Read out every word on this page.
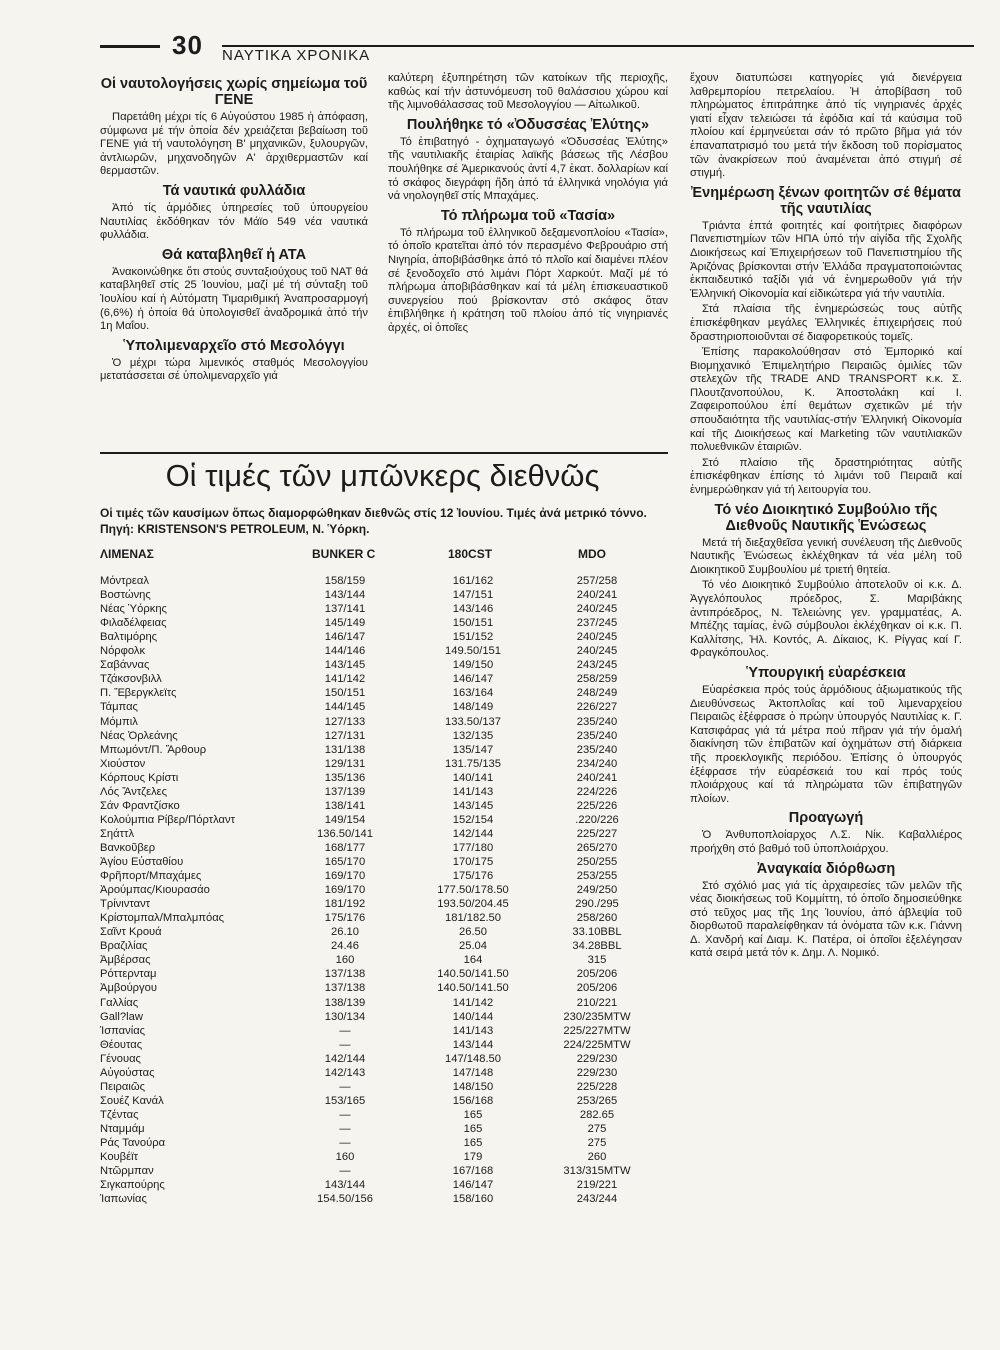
30 ΝΑΥΤΙΚΑ ΧΡΟΝΙΚΑ
Οἱ ναυτολογήσεις χωρίς σημείωμα τοῦ ΓΕΝΕ

Παρετάθη μέχρι τίς 6 Αὐγούστου 1985 ἡ ἀπόφαση, σύμφωνα μέ τήν ὁποία δέν χρειάζεται βεβαίωση τοῦ ΓΕΝΕ γιά τή ναυτολόγηση Β' μηχανικῶν, ξυλουργῶν, ἀντλιωρῶν, μηχανοδηγῶν Α' ἀρχιθερμαστῶν καί θερμαστῶν.

Τά ναυτικά φυλλάδια

Ἀπό τίς ἁρμόδιες ὑπηρεσίες τοῦ ὑπουργείου Ναυτιλίας ἐκδόθηκαν τόν Μάϊο 549 νέα ναυτικά φυλλάδια.

Θά καταβληθεῖ ἡ ΑΤΑ

Ἀνακοινώθηκε ὅτι στούς συνταξιούχους τοῦ ΝΑΤ θά καταβληθεῖ στίς 25 Ἰουνίου, μαζί μέ τή σύνταξη τοῦ Ἰουλίου καί ἡ Αὐτόματη Τιμαριθμική Ἀναπροσαρμογή (6,6%) ἡ ὁποία θά ὑπολογισθεῖ ἀναδρομικά ἀπό τήν 1η Μαΐου.

Ὑπολιμεναρχεῖο στό Μεσολόγγι

Ὁ μέχρι τώρα λιμενικός σταθμός Μεσολογγίου μετατάσσεται σέ ὑπολιμεναρχεῖο γιά

καλύτερη ἐξυπηρέτηση τῶν κατοίκων τῆς περιοχῆς, καθώς καί τήν ἀστυνόμευση τοῦ θαλάσσιου χώρου καί τῆς λιμνοθάλασσας τοῦ Μεσολογγίου — Αἰτωλικοῦ.

Πουλήθηκε τό «Ὀδυσσέας Ἐλύτης»

Τό ἐπιβατηγό - ὀχηματαγωγό «Ὀδυσσέας Ἐλύτης» τῆς ναυτιλιακῆς ἑταιρίας λαϊκῆς βάσεως τῆς Λέσβου πουλήθηκε σέ Ἀμερικανούς ἀντί 4,7 ἑκατ. δολλαρίων καί τό σκάφος διεγράφη ἤδη ἀπό τά ἑλληνικά νηολόγια γιά νά νηολογηθεῖ στίς Μπαχάμες.

Τό πλήρωμα τοῦ «Τασία»

Τό πλήρωμα τοῦ ἑλληνικοῦ δεξαμενοπλοίου «Τασία», τό ὁποῖο κρατεῖται ἀπό τόν περασμένο Φεβρουάριο στή Νιγηρία, ἀποβιβάσθηκε ἀπό τό πλοῖο καί διαμένει πλέον σέ ξενοδοχεῖο στό λιμάνι Πόρτ Χαρκούτ. Μαζί μέ τό πλήρωμα ἀποβιβάσθηκαν καί τά μέλη ἐπισκευαστικοῦ συνεργείου πού βρίσκονταν στό σκάφος ὅταν ἐπιβλήθηκε ἡ κράτηση τοῦ πλοίου ἀπό τίς νιγηριανές ἀρχές, οἱ ὁποῖες

ἔχουν διατυπώσει κατηγορίες γιά διενέργεια λαθρεμπορίου πετρελαίου. Ἡ ἀποβίβαση τοῦ πληρώματος ἐπιτράπηκε ἀπό τίς νιγηριανές ἀρχές γιατί εἶχαν τελειώσει τά ἐφόδια καί τά καύσιμα τοῦ πλοίου καί ἑρμηνεύεται σάν τό πρῶτο βῆμα γιά τόν ἐπαναπατρισμό του μετά τήν ἔκδοση τοῦ πορίσματος τῶν ἀνακρίσεων πού ἀναμένεται ἀπό στιγμή σέ στιγμή.

Ἐνημέρωση ξένων φοιτητῶν σέ θέματα τῆς ναυτιλίας

Τριάντα ἑπτά φοιτητές καί φοιτήτριες διαφόρων Πανεπιστημίων τῶν ΗΠΑ ὑπό τήν αἰγίδα τῆς Σχολῆς Διοικήσεως καί Ἐπιχειρήσεων τοῦ Πανεπιστημίου τῆς Ἀριζόνας βρίσκονται στήν Ἑλλάδα πραγματοποιώντας ἐκπαιδευτικό ταξίδι γιά νά ἐνημερωθοῦν γιά τήν Ἑλληνική Οἰκονομία καί εἰδικώτερα γιά τήν ναυτιλία.

Στά πλαίσια τῆς ἐνημερώσεώς τους αὐτῆς ἐπισκέφθηκαν μεγάλες Ἑλληνικές ἐπιχειρήσεις πού δραστηριοποιοῦνται σέ διαφορετικούς τομεῖς.

Ἐπίσης παρακολούθησαν στό Ἐμπορικό καί Βιομηχανικό Ἐπιμελητήριο Πειραιῶς ὁμιλίες τῶν στελεχῶν τῆς TRADE AND TRANSPORT κ.κ. Σ. Πλουτζανοπούλου, Κ. Ἀποστολάκη καί Ι. Ζαφειροπούλου ἐπί θεμάτων σχετικῶν μέ τήν σπουδαιότητα τῆς ναυτιλίας-στήν Ἑλληνική Οἰκονομία καί τῆς Διοικήσεως καί Marketing τῶν ναυτιλιακῶν πολυεθνικῶν ἑταιριῶν.

Στό πλαίσιο τῆς δραστηριότητας αὐτῆς ἐπισκέφθηκαν ἐπίσης τό λιμάνι τοῦ Πειραιᾶ καί ἐνημερώθηκαν γιά τή λειτουργία του.

Τό νέο Διοικητικό Συμβούλιο τῆς Διεθνοῦς Ναυτικῆς Ἑνώσεως

Μετά τή διεξαχθεῖσα γενική συνέλευση τῆς Διεθνοῦς Ναυτικῆς Ἑνώσεως ἐκλέχθηκαν τά νέα μέλη τοῦ Διοικητικοῦ Συμβουλίου μέ τριετή θητεία.

Τό νέο Διοικητικό Συμβούλιο ἀποτελοῦν οἱ κ.κ. Δ. Ἀγγελόπουλος πρόεδρος, Σ. Μαριβάκης ἀντιπρόεδρος, Ν. Τελειώνης γεν. γραμματέας, Α. Μπέζης ταμίας, ἐνῶ σύμβουλοι ἐκλέχθηκαν οἱ κ.κ. Π. Καλλίτσης, Ἠλ. Κοντός, Α. Δίκαιος, Κ. Ρίγγας καί Γ. Φραγκόπουλος.

Ὑπουργική εὐαρέσκεια

Εὐαρέσκεια πρός τούς ἁρμόδιους ἀξιωματικούς τῆς Διευθύνσεως Ἀκτοπλοΐας καί τοῦ λιμεναρχείου Πειραιῶς ἐξέφρασε ὁ πρώην ὑπουργός Ναυτιλίας κ. Γ. Κατσιφάρας γιά τά μέτρα πού πῆραν γιά τήν ὁμαλή διακίνηση τῶν ἐπιβατῶν καί ὀχημάτων στή διάρκεια τῆς προεκλογικῆς περιόδου. Ἐπίσης ὁ ὑπουργός ἐξέφρασε τήν εὐαρέσκειά του καί πρός τούς πλοιάρχους καί τά πληρώματα τῶν ἐπιβατηγῶν πλοίων.

Προαγωγή

Ὁ Ἀνθυποπλοίαρχος Λ.Σ. Νίκ. Καβαλλιέρος προήχθη στό βαθμό τοῦ ὑποπλοιάρχου.

Ἀναγκαία διόρθωση

Στό σχόλιό μας γιά τίς ἀρχαιρεσίες τῶν μελῶν τῆς νέας διοικήσεως τοῦ Κομμίττη, τό ὁποῖο δημοσιεύθηκε στό τεῦχος μας τῆς 1ης Ἰουνίου, ἀπό ἀβλεψία τοῦ διορθωτοῦ παραλείφθηκαν τά ὀνόματα τῶν κ.κ. Γιάννη Δ. Χανδρή καί Διαμ. Κ. Πατέρα, οἱ ὁποῖοι ἐξελέγησαν κατά σειρά μετά τόν κ. Δημ. Λ. Νομικό.

Οἱ τιμές τῶν μπῶνκερς διεθνῶς
Οἱ τιμές τῶν καυσίμων ὅπως διαμορφώθηκαν διεθνῶς στίς 12 Ἰουνίου. Τιμές ἀνά μετρικό τόννο. Πηγή: KRISTENSON'S PETROLEUM, Ν. Ὑόρκη.
ΛΙΜΕΝΑΣ	BUNKER C	180CST	MDO
Μόντρεαλ	158/159	161/162	257/258
Βοστώνης	143/144	147/151	240/241
Νέας Ὑόρκης	137/141	143/146	240/245
Φιλαδέλφειας	145/149	150/151	237/245
Βαλτιμόρης	146/147	151/152	240/245
Νόρφολκ	144/146	149.50/151	240/245
Σαβάννας	143/145	149/150	243/245
Τζάκσονβιλλ	141/142	146/147	258/259
Π. Ἔβεργκλεϊτς	150/151	163/164	248/249
Τάμπας	144/145	148/149	226/227
Μόμπιλ	127/133	133.50/137	235/240
Νέας Ὀρλεάνης	127/131	132/135	235/240
Μπωμόντ/Π. Ἄρθουρ	131/138	135/147	235/240
Χιούστον	129/131	131.75/135	234/240
Κόρπους Κρίστι	135/136	140/141	240/241
Λός Ἄντζελες	137/139	141/143	224/226
Σάν Φραντζίσκο	138/141	143/145	225/226
Κολούμπια Ρίβερ/Πόρτλαντ	149/154	152/154	.220/226
Σηάττλ	136.50/141	142/144	225/227
Βανκοῦβερ	168/177	177/180	265/270
Ἁγίου Εὐσταθίου	165/170	170/175	250/255
Φρῆπορτ/Μπαχάμες	169/170	175/176	253/255
Ἀρούμπας/Κιουρασάο	169/170	177.50/178.50	249/250
Τρίνινταντ	181/192	193.50/204.45	290./295
Κρίστομπαλ/Μπαλμπόας	175/176	181/182.50	258/260
Σαῖντ Κρουά	26.10	26.50	33.10BBL
Βραζιλίας	24.46	25.04	34.28BBL
Ἀμβέρσας	160	164	315
Ρόττερνταμ	137/138	140.50/141.50	205/206
Ἀμβούργου	137/138	140.50/141.50	205/206
Γαλλίας	138/139	141/142	210/221
Gall?law	130/134	140/144	230/235MTW
Ἰσπανίας	—	141/143	225/227MTW
Θέουτας	—	143/144	224/225MTW
Γένουας	142/144	147/148.50	229/230
Αὐγούστας	142/143	147/148	229/230
Πειραιῶς	—	148/150	225/228
Σουέζ Κανάλ	153/165	156/168	253/265
Τζέντας	—	165	282.65
Νταμμάμ	—	165	275
Ράς Τανούρα	—	165	275
Κουβέϊτ	160	179	260
Ντῶρμπαν	—	167/168	313/315MTW
Σιγκαπούρης	143/144	146/147	219/221
Ἰαπωνίας	154.50/156	158/160	243/244
